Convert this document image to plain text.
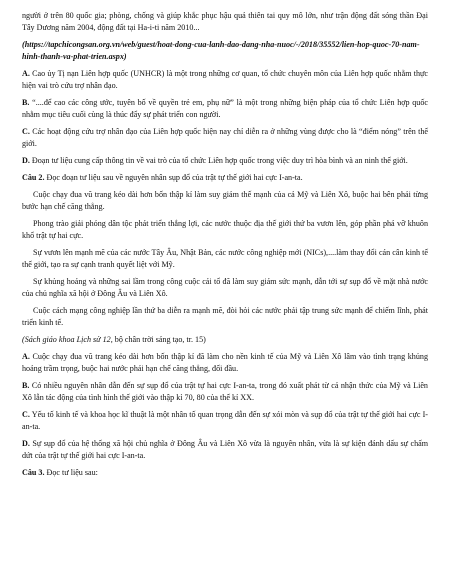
người ở trên 80 quốc gia; phòng, chống và giúp khắc phục hậu quả thiên tai quy mô lớn, như trận động đất sóng thần Đại Tây Dương năm 2004, động đất tại Ha-i-ti năm 2010...

(https://tapchicongsan.org.vn/web/guest/hoat-dong-cua-lanh-dao-dang-nha-nuoc/-/2018/35552/lien-hop-quoc-70-nam-hinh-thanh-va-phat-trien.aspx)

A. Cao ủy Tị nạn Liên hợp quốc (UNHCR) là một trong những cơ quan, tổ chức chuyên môn của Liên hợp quốc nhằm thực hiện vai trò cứu trợ nhân đạo.

B. “....để cao các công ước, tuyên bố về quyền trẻ em, phụ nữ” là một trong những biện pháp của tổ chức Liên hợp quốc nhằm mục tiêu cuối cùng là thúc đẩy sự phát triển con người.

C. Các hoạt động cứu trợ nhân đạo của Liên hợp quốc hiện nay chỉ diễn ra ở những vùng được cho là “điểm nóng” trên thế giới.

D. Đoạn tư liệu cung cấp thông tin về vai trò của tổ chức Liên hợp quốc trong việc duy trì hòa bình và an ninh thế giới.

Câu 2. Đọc đoạn tư liệu sau về nguyên nhân sụp đổ của trật tự thế giới hai cực I-an-ta.

Cuộc chạy đua vũ trang kéo dài hơn bốn thập kỉ làm suy giảm thế mạnh của cả Mỹ và Liên Xô, buộc hai bên phải từng bước hạn chế căng thẳng.

Phong trào giải phóng dân tộc phát triển thắng lợi, các nước thuộc địa thế giới thứ ba vươn lên, góp phần phá vỡ khuôn khổ trật tự hai cực.

Sự vươn lên mạnh mẽ của các nước Tây Âu, Nhật Bản, các nước công nghiệp mới (NICs),....làm thay đổi cán cân kinh tế thế giới, tạo ra sự cạnh tranh quyết liệt với Mỹ.

Sự khủng hoảng và những sai lầm trong công cuộc cải tổ đã làm suy giảm sức mạnh, dẫn tới sự sụp đổ về mặt nhà nước của chủ nghĩa xã hội ở Đông Âu và Liên Xô.

Cuộc cách mạng công nghiệp lần thứ ba diễn ra mạnh mẽ, đòi hỏi các nước phải tập trung sức mạnh để chiếm lĩnh, phát triển kinh tế.

(Sách giáo khoa Lịch sử 12, bộ chân trời sáng tạo, tr. 15)

A. Cuộc chạy đua vũ trang kéo dài hơn bốn thập kỉ đã làm cho nền kinh tế của Mỹ và Liên Xô lâm vào tình trạng khủng hoảng trầm trọng, buộc hai nước phải hạn chế căng thẳng, đối đầu.

B. Có nhiều nguyên nhân dẫn đến sự sụp đổ của trật tự hai cực I-an-ta, trong đó xuất phát từ cả nhận thức của Mỹ và Liên Xô lẫn tác động của tình hình thế giới vào thập kỉ 70, 80 của thế kỉ XX.

C. Yếu tố kinh tế và khoa học kĩ thuật là một nhân tố quan trọng dẫn đến sự xói mòn và sụp đổ của trật tự thế giới hai cực I-an-ta.

D. Sự sụp đổ của hệ thống xã hội chủ nghĩa ở Đông Âu và Liên Xô vừa là nguyên nhân, vừa là sự kiện đánh dấu sự chấm dứt của trật tự thế giới hai cực I-an-ta.

Câu 3. Đọc tư liệu sau:
